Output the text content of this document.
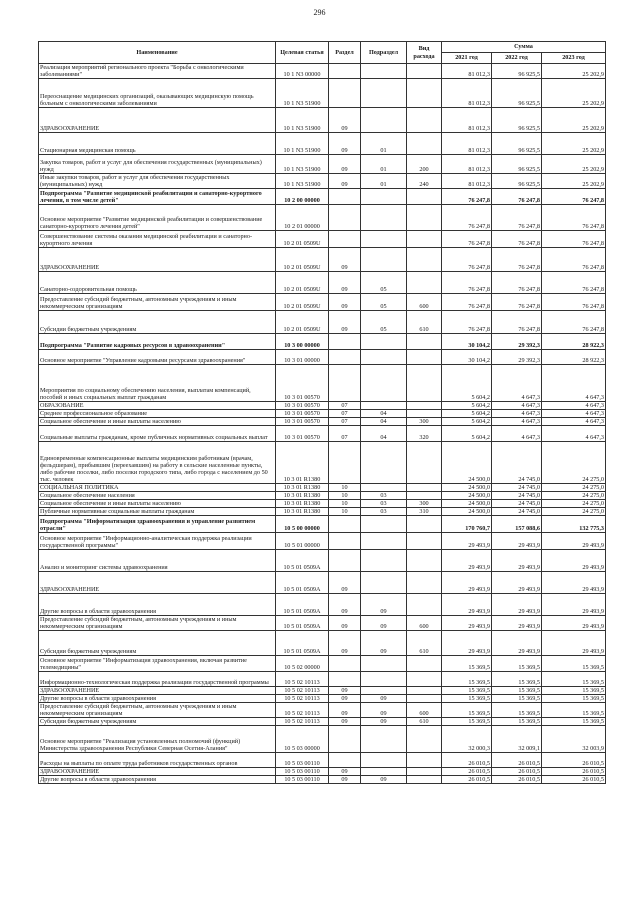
296
Наименование	Целевая статья	Раздел	Подраздел	Вид расхода	Сумма		
					2021 год	2022 год	2023 год
Реализация мероприятий регионального проекта "Борьба с онкологическими заболеваниями"	10 1 N3 00000				81 012,3	96 925,5	25 202,9
Переоснащение медицинских организаций, оказывающих медицинскую помощь больным с онкологическими заболеваниями	10 1 N3 51900				81 012,3	96 925,5	25 202,9
ЗДРАВООХРАНЕНИЕ	10 1 N3 51900	09			81 012,3	96 925,5	25 202,9
Стационарная медицинская помощь	10 1 N3 51900	09	01		81 012,3	96 925,5	25 202,9
Закупка товаров, работ и услуг для обеспечения государственных (муниципальных) нужд	10 1 N3 51900	09	01	200	81 012,3	96 925,5	25 202,9
Иные закупки товаров, работ и услуг для обеспечения государственных (муниципальных) нужд	10 1 N3 51900	09	01	240	81 012,3	96 925,5	25 202,9
Подпрограмма "Развитие медицинской реабилитации и санаторно-курортного лечения, в том числе детей"	10 2 00 00000				76 247,8	76 247,8	76 247,8
Основное мероприятие "Развитие медицинской реабилитации и совершенствование санаторно-курортного лечения детей"	10 2 01 00000				76 247,8	76 247,8	76 247,8
Совершенствование системы оказания медицинской реабилитации и санаторно-курортного лечения	10 2 01 0509U				76 247,8	76 247,8	76 247,8
ЗДРАВООХРАНЕНИЕ	10 2 01 0509U	09			76 247,8	76 247,8	76 247,8
Санаторно-оздоровительная помощь	10 2 01 0509U	09	05		76 247,8	76 247,8	76 247,8
Предоставление субсидий бюджетным, автономным учреждениям и иным некоммерческим организациям	10 2 01 0509U	09	05	600	76 247,8	76 247,8	76 247,8
Субсидии бюджетным учреждениям	10 2 01 0509U	09	05	610	76 247,8	76 247,8	76 247,8
Подпрограмма "Развитие кадровых ресурсов в здравоохранении"	10 3 00 00000				30 104,2	29 392,3	28 922,3
Основное мероприятие "Управление кадровыми ресурсами здравоохранения"	10 3 01 00000				30 104,2	29 392,3	28 922,3
Мероприятия по социальному обеспечению населения, выплатам компенсаций, пособий и иных социальных выплат гражданам	10 3 01 00570				5 604,2	4 647,3	4 647,3
ОБРАЗОВАНИЕ	10 3 01 00570	07			5 604,2	4 647,3	4 647,3
Среднее профессиональное образование	10 3 01 00570	07	04		5 604,2	4 647,3	4 647,3
Социальное обеспечение и иные выплаты населению	10 3 01 00570	07	04	300	5 604,2	4 647,3	4 647,3
Социальные выплаты гражданам, кроме публичных нормативных социальных выплат	10 3 01 00570	07	04	320	5 604,2	4 647,3	4 647,3
Единовременные компенсационные выплаты медицинским работникам (врачам, фельдшерам), прибывшим (переехавшим) на работу в сельские населенные пункты, либо рабочие поселки, либо поселки городского типа, либо города с населением до 50 тыс. человек	10 3 01 R1380				24 500,0	24 745,0	24 275,0
СОЦИАЛЬНАЯ ПОЛИТИКА	10 3 01 R1380	10			24 500,0	24 745,0	24 275,0
Социальное обеспечение населения	10 3 01 R1380	10	03		24 500,0	24 745,0	24 275,0
Социальное обеспечение и иные выплаты населению	10 3 01 R1380	10	03	300	24 500,0	24 745,0	24 275,0
Публичные нормативные социальные выплаты гражданам	10 3 01 R1380	10	03	310	24 500,0	24 745,0	24 275,0
Подпрограмма "Информатизация здравоохранения и управление развитием отрасли"	10 5 00 00000				170 760,7	157 088,6	132 775,3
Основное мероприятие "Информационно-аналитическая поддержка реализации государственной программы"	10 5 01 00000				29 493,9	29 493,9	29 493,9
Анализ и мониторинг системы здравоохранения	10 5 01 0509A				29 493,9	29 493,9	29 493,9
ЗДРАВООХРАНЕНИЕ	10 5 01 0509A	09			29 493,9	29 493,9	29 493,9
Другие вопросы в области здравоохранения	10 5 01 0509A	09	09		29 493,9	29 493,9	29 493,9
Предоставление субсидий бюджетным, автономным учреждениям и иным некоммерческим организациям	10 5 01 0509A	09	09	600	29 493,9	29 493,9	29 493,9
Субсидии бюджетным учреждениям	10 5 01 0509A	09	09	610	29 493,9	29 493,9	29 493,9
Основное мероприятие "Информатизация здравоохранения, включая развитие телемедицины"	10 5 02 00000				15 369,5	15 369,5	15 369,5
Информационно-технологическая поддержка реализации государственной программы	10 5 02 10113				15 369,5	15 369,5	15 369,5
ЗДРАВООХРАНЕНИЕ	10 5 02 10113	09			15 369,5	15 369,5	15 369,5
Другие вопросы в области здравоохранения	10 5 02 10113	09	09		15 369,5	15 369,5	15 369,5
Предоставление субсидий бюджетным, автономным учреждениям и иным некоммерческим организациям	10 5 02 10113	09	09	600	15 369,5	15 369,5	15 369,5
Субсидии бюджетным учреждениям	10 5 02 10113	09	09	610	15 369,5	15 369,5	15 369,5
Основное мероприятие "Реализация установленных полномочий (функций) Министерства здравоохранения Республики Северная Осетия-Алания"	10 5 03 00000				32 000,3	32 009,1	32 003,9
Расходы на выплаты по оплате труда работников государственных органов	10 5 03 00110				26 010,5	26 010,5	26 010,5
ЗДРАВООХРАНЕНИЕ	10 5 03 00110	09			26 010,5	26 010,5	26 010,5
Другие вопросы в области здравоохранения	10 5 03 00110	09	09		26 010,5	26 010,5	26 010,5
